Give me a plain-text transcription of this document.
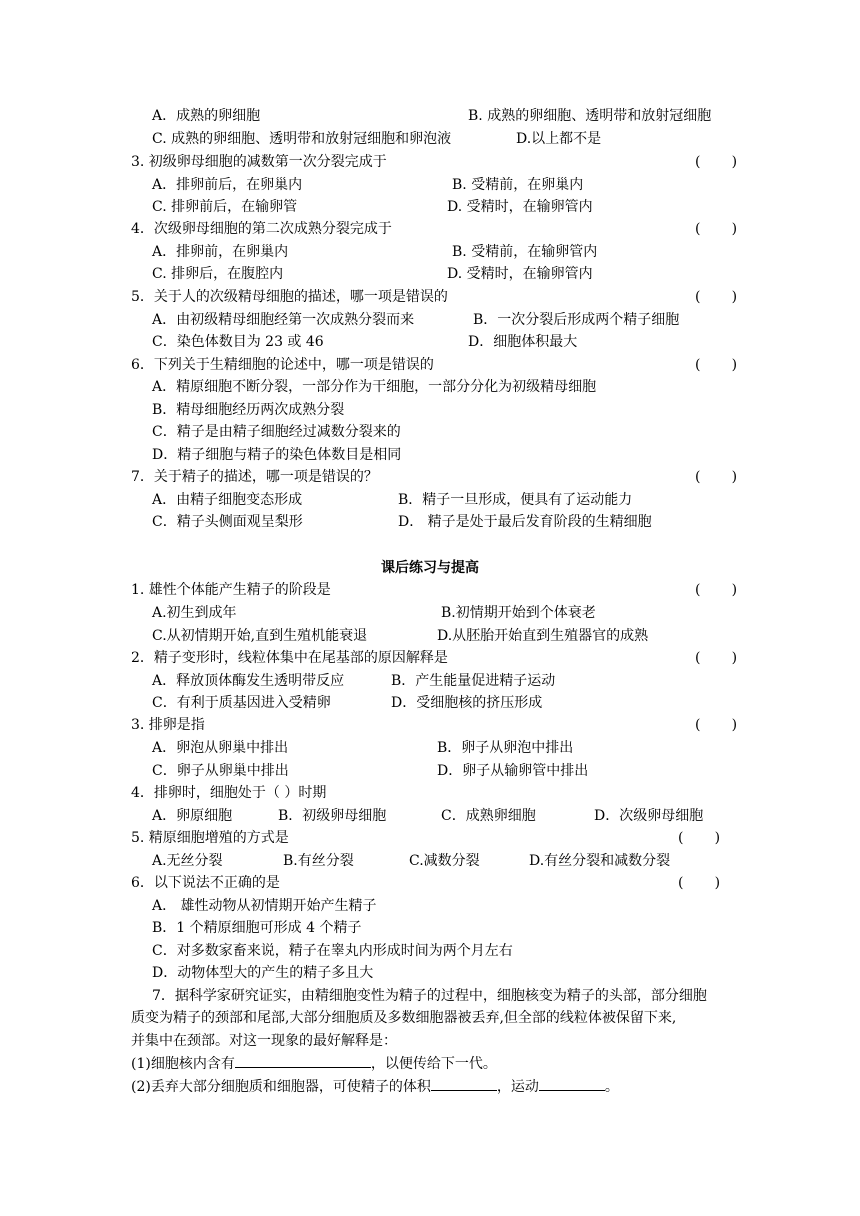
A．成熟的卵细胞	B. 成熟的卵细胞、透明带和放射冠细胞
C. 成熟的卵细胞、透明带和放射冠细胞和卵泡液	D.以上都不是
3. 初级卵母细胞的减数第一次分裂完成于	(       )
A．排卵前后，在卵巢内	B. 受精前，在卵巢内
C. 排卵前后，在输卵管	D. 受精时，在输卵管内
4．次级卵母细胞的第二次成熟分裂完成于	(       )
A．排卵前，在卵巢内	B. 受精前，在输卵管内
C. 排卵后，在腹腔内	D. 受精时，在输卵管内
5．关于人的次级精母细胞的描述，哪一项是错误的	(       )
A．由初级精母细胞经第一次成熟分裂而来	B．一次分裂后形成两个精子细胞
C．染色体数目为 23 或 46	D．细胞体积最大
6．下列关于生精细胞的论述中，哪一项是错误的	(       )
A．精原细胞不断分裂，一部分作为干细胞，一部分分化为初级精母细胞
B．精母细胞经历两次成熟分裂
C．精子是由精子细胞经过减数分裂来的
D．精子细胞与精子的染色体数目是相同
7．关于精子的描述，哪一项是错误的？	(       )
A．由精子细胞变态形成	B．精子一旦形成，便具有了运动能力
C．精子头侧面观呈梨形	D． 精子是处于最后发育阶段的生精细胞
课后练习与提高
1. 雄性个体能产生精子的阶段是	(       )
A.初生到成年	B.初情期开始到个体衰老
C.从初情期开始,直到生殖机能衰退	D.从胚胎开始直到生殖器官的成熟
2．精子变形时，线粒体集中在尾基部的原因解释是	(       )
A．释放顶体酶发生透明带反应	B．产生能量促进精子运动
C．有利于质基因进入受精卵	D．受细胞核的挤压形成
3. 排卵是指	(       )
A．卵泡从卵巢中排出	B．卵子从卵泡中排出
C．卵子从卵巢中排出	D．卵子从输卵管中排出
4．排卵时，细胞处于（ ）时期
A．卵原细胞	B．初级卵母细胞	C．成熟卵细胞	D．次级卵母细胞
5. 精原细胞增殖的方式是	(       )
A.无丝分裂	B.有丝分裂	C.减数分裂	D.有丝分裂和减数分裂
6．以下说法不正确的是	(       )
A． 雄性动物从初情期开始产生精子
B．1 个精原细胞可形成 4 个精子
C．对多数家畜来说，精子在睾丸内形成时间为两个月左右
D．动物体型大的产生的精子多且大
7．据科学家研究证实，由精细胞变性为精子的过程中，细胞核变为精子的头部，部分细胞
质变为精子的颈部和尾部,大部分细胞质及多数细胞器被丢弃,但全部的线粒体被保留下来,
并集中在颈部。对这一现象的最好解释是：
(1)细胞核内含有	，以便传给下一代。
(2)丢弃大部分细胞质和细胞器，可使精子的体积	，运动	。
